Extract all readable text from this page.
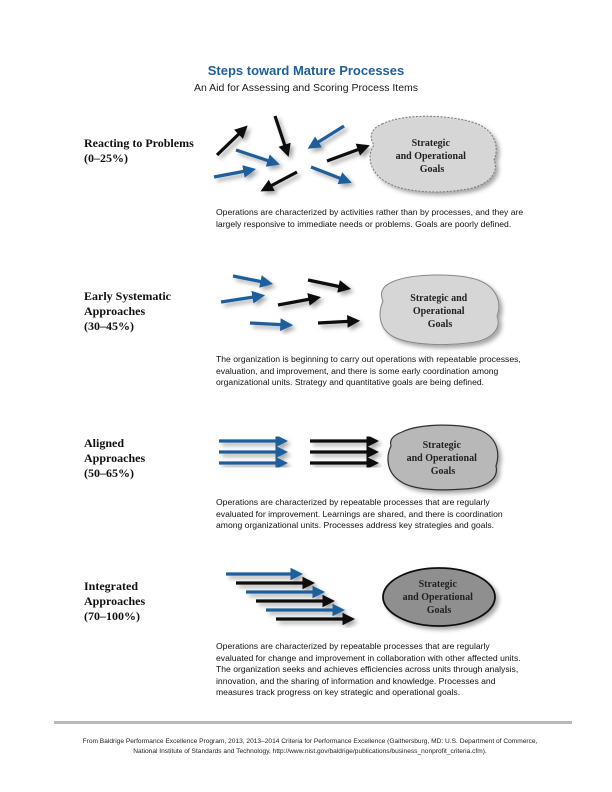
Steps toward Mature Processes
An Aid for Assessing and Scoring Process Items
Reacting to Problems
(0–25%)
Early Systematic
Approaches
(30–45%)
Aligned
Approaches
(50–65%)
Integrated
Approaches
(70–100%)
Operations are characterized by activities rather than by processes, and they are largely responsive to immediate needs or problems. Goals are poorly defined.
The organization is beginning to carry out operations with repeatable processes, evaluation, and improvement, and there is some early coordination among organizational units. Strategy and quantitative goals are being defined.
Operations are characterized by repeatable processes that are regularly evaluated for improvement. Learnings are shared, and there is coordination among organizational units. Processes address key strategies and goals.
Operations are characterized by repeatable processes that are regularly evaluated for change and improvement in collaboration with other affected units. The organization seeks and achieves efficiencies across units through analysis, innovation, and the sharing of information and knowledge. Processes and measures track progress on key strategic and operational goals.
Strategic and Operational Goals
Strategic and Operational Goals
Strategic and Operational Goals
Strategic and Operational Goals
From Baldrige Performance Excellence Program, 2013, 2013–2014 Criteria for Performance Excellence (Gaithersburg, MD: U.S. Department of Commerce, National Institute of Standards and Technology, http://www.nist.gov/baldrige/publications/business_nonprofit_criteria.cfm).
